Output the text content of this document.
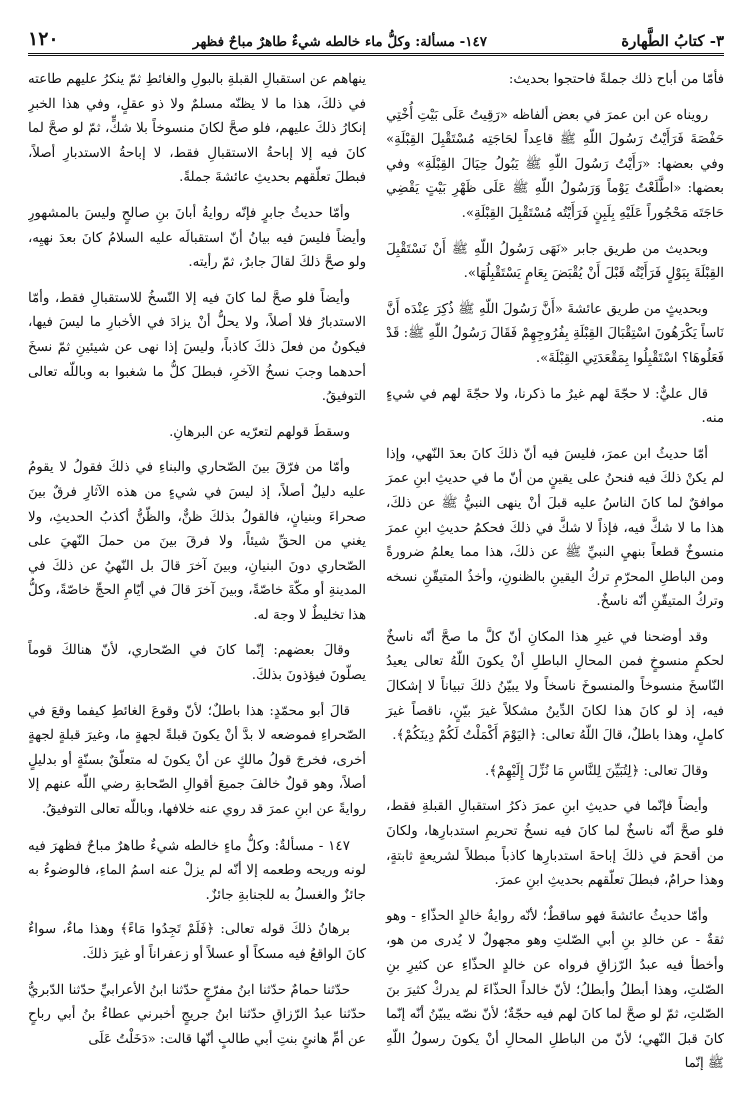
٣- كتابُ الطَّهارة
١٤٧- مسألة: وكلُّ ماء خالطه شيءٌ طاهرٌ مباحٌ فظهر
١٢٠

فأمّا من أباح ذلك جملةً فاحتجوا بحديث:

رويناه عن ابن عمرَ في بعض ألفاظه «رَقِيتُ عَلَى بَيْتِ أُخْتِي حَفْصَةَ فَرَأَيْتُ رَسُولَ اللّهِ ﷺ قاعِداً لحَاجَتِه مُسْتَقْبِلَ القِبْلَةِ» وفي بعضها: «رَأَيْتُ رَسُولَ اللّهِ ﷺ يَبُولُ حِيَالَ القِبْلَةِ» وفي بعضها: «اطَّلَعْتُ يَوْماً وَرَسُولُ اللّهِ ﷺ عَلَى ظَهْرِ بَيْتٍ يَقْضِي حَاجَتَه مَحْجُوراً عَلَيْهِ بِلَبِنٍ فَرَأَيْتُه مُسْتَقْبِلَ القِبْلَةِ».

وبحديث من طريق جابر «نَهَى رَسُولُ اللّهِ ﷺ أَنْ نَسْتَقْبِلَ القِبْلَةَ بِبَوْلٍ فَرَأَيْتُه قَبْلَ أَنْ يُقْبَضَ بِعَامٍ يَسْتَقْبِلُهَا».

وبحديثٍ من طريق عائشةَ «أَنَّ رَسُولَ اللّهِ ﷺ ذُكِرَ عِنْدَه أَنَّ نَاساً يَكْرَهُونَ اسْتِقْبَالَ القِبْلَةِ بِفُرُوجِهِمْ فَقَالَ رَسُولُ اللّهِ ﷺ: قَدْ فَعَلُوهَا؟ اسْتَقْبِلُوا بِمَقْعَدَتِي القِبْلَةَ».

قال عليٌّ: لا حجّةَ لهم غيرُ ما ذكرنا، ولا حجّةَ لهم في شيءٍ منه.

أمّا حديثُ ابن عمرَ، فليسَ فيه أنّ ذلكَ كانَ بعدَ النّهي، وإذا لم يكنْ ذلكَ فيه فنحنُ على يقينٍ من أنّ ما في حديثِ ابنِ عمرَ موافقٌ لما كانَ الناسُ عليه قبلَ أنْ ينهى النبيُّ ﷺ عن ذلكَ، هذا ما لا شكَّ فيه، فإذاً لا شكَّ في ذلكَ فحكمُ حديثِ ابنِ عمرَ منسوخٌ قطعاً بنهيِ النبيِّ ﷺ عن ذلكَ، هذا مما يعلمُ ضرورةً ومن الباطلِ المحرّمِ تركُ اليقينِ بالظنونِ، وأخذُ المتيقّنِ نسخه وتركُ المتيقّنِ أنّه ناسخٌ.

وقد أوضحنا في غيرِ هذا المكانِ أنّ كلَّ ما صحَّ أنّه ناسخٌ لحكمٍ منسوخٍ فمن المحالِ الباطلِ أنْ يكونَ اللّهُ تعالى يعيدُ النّاسخَ منسوخاً والمنسوخَ ناسخاً ولا يبيّنُ ذلكَ تبياناً لا إشكالَ فيه، إذ لو كانَ هذا لكانَ الدِّينُ مشكلاً غيرَ بيّنٍ، ناقصاً غيرَ كاملٍ، وهذا باطلٌ، قالَ اللّهُ تعالى: ﴿اليَوْمَ أَكْمَلْتُ لَكُمْ دِينَكُمْ﴾.

وقالَ تعالى: ﴿لِتُبَيِّنَ لِلنَّاسِ مَا نُزِّلَ إِلَيْهِمْ﴾.

وأيضاً فإنّما في حديثِ ابنِ عمرَ ذكرُ استقبالِ القبلةِ فقط، فلو صحَّ أنّه ناسخٌ لما كانَ فيه نسخُ تحريمِ استدبارِها، ولكانَ من أقحمَ في ذلكَ إباحةَ استدبارِها كاذباً مبطلاً لشريعةٍ ثابتةٍ، وهذا حرامٌ، فبطلَ تعلّقهم بحديثِ ابنِ عمرَ.

وأمّا حديثُ عائشةَ فهو ساقطٌ؛ لأنّه روايةُ خالدٍ الحذّاءِ - وهو ثقةٌ - عن خالدِ بنِ أبي الصّلتِ وهو مجهولٌ لا يُدرى من هو، وأخطأ فيه عبدُ الرّزاقِ فرواه عن خالدٍ الحذّاءِ عن كثيرِ بنِ الصّلتِ، وهذا أبطلُ وأبطلُ؛ لأنّ خالداً الحذّاءَ لم يدركْ كثيرَ بنَ الصّلتِ، ثمّ لو صحَّ لما كانَ لهم فيه حجّةٌ؛ لأنّ نصّه يبيّنُ أنّه إنّما كانَ قبلَ النّهي؛ لأنّ من الباطلِ المحالِ أنْ يكونَ رسولُ اللّهِ ﷺ إنّما

ينهاهم عن استقبالِ القبلةِ بالبولِ والغائطِ ثمّ ينكرُ عليهم طاعته في ذلكَ، هذا ما لا يظنّه مسلمٌ ولا ذو عقلٍ، وفي هذا الخبرِ إنكارُ ذلكَ عليهم، فلو صحَّ لكانَ منسوخاً بلا شكٍّ، ثمّ لو صحَّ لما كانَ فيه إلا إباحةُ الاستقبالِ فقط، لا إباحةُ الاستدبارِ أصلاً، فبطلَ تعلّقهم بحديثِ عائشةَ جملةً.

وأمّا حديثُ جابرٍ فإنّه روايةُ أبانَ بنِ صالحٍ وليسَ بالمشهورِ وأيضاً فليسَ فيه بيانُ أنّ استقبالَه عليه السلامُ كانَ بعدَ نهيِه، ولو صحَّ ذلكَ لقالَ جابرٌ، ثمّ رأيته.

وأيضاً فلو صحَّ لما كانَ فيه إلا النّسخُ للاستقبالِ فقط، وأمّا الاستدبارُ فلا أصلاً، ولا يحلُّ أنْ يزادَ في الأخبارِ ما ليسَ فيها، فيكونُ من فعلَ ذلكَ كاذباً، وليسَ إذا نهى عن شيئينِ ثمّ نسخَ أحدهما وجبَ نسخُ الآخرِ، فبطلَ كلُّ ما شغبوا به وباللّه تعالى التوفيقُ.

وسقطَ قولهم لتعرّيه عن البرهانِ.

وأمّا من فرّقَ بينَ الصّحاري والبناءِ في ذلكَ فقولُ لا يقومُ عليه دليلٌ أصلاً، إذ ليسَ في شيءٍ من هذه الآثارِ فرقٌ بينَ صحراءَ وبنيانٍ، فالقولُ بذلكَ ظنٌّ، والظّنُّ أكذبُ الحديثِ، ولا يغني من الحقِّ شيئاً، ولا فرقَ بينَ من حملَ النّهيَ على الصّحاري دونَ البنيانِ، وبينَ آخرَ قالَ بل النّهيُ عن ذلكَ في المدينةِ أو مكّةَ خاصّةً، وبينَ آخرَ قالَ في أيّامِ الحجِّ خاصّةً، وكلُّ هذا تخليطٌ لا وجهَ له.

وقالَ بعضهم: إنّما كانَ في الصّحاري، لأنّ هنالكَ قوماً يصلّونَ فيؤذونَ بذلكَ.

قالَ أبو محمّدٍ: هذا باطلٌ؛ لأنّ وقوعَ الغائطِ كيفما وقعَ في الصّحراءِ فموضعه لا بدَّ أنْ يكونَ قبلةً لجهةٍ ما، وغيرَ قبلةٍ لجهةٍ أخرى، فخرجَ قولُ مالكٍ عن أنْ يكونَ له متعلّقٌ بسنّةٍ أو بدليلٍ أصلاً، وهو قولٌ خالفَ جميعَ أقوالِ الصّحابةِ رضي اللّه عنهم إلا روايةً عن ابنِ عمرَ قد روي عنه خلافها، وباللّه تعالى التوفيقُ.

١٤٧ - مسألةٌ: وكلُّ ماءٍ خالطه شيءٌ طاهرٌ مباحٌ فظهرَ فيه لونه وريحه وطعمه إلا أنّه لم يزلْ عنه اسمُ الماءِ، فالوضوءُ به جائزٌ والغسلُ به للجنابةِ جائزٌ.

برهانُ ذلكَ قوله تعالى: ﴿فَلَمْ تَجِدُوا مَاءً﴾ وهذا ماءٌ، سواءٌ كانَ الواقعُ فيه مسكاً أو عسلاً أو زعفراناً أو غيرَ ذلكَ.

حدّثنا حمامٌ حدّثنا ابنُ مفرّجٍ حدّثنا ابنُ الأعرابيِّ حدّثنا الدّبريُّ حدّثنا عبدُ الرّزاقِ حدّثنا ابنُ جريجٍ أخبرني عطاءُ بنُ أبي رباحٍ عن أمِّ هانئٍ بنتِ أبي طالبٍ أنّها قالت: «دَخَلْتُ عَلَى
